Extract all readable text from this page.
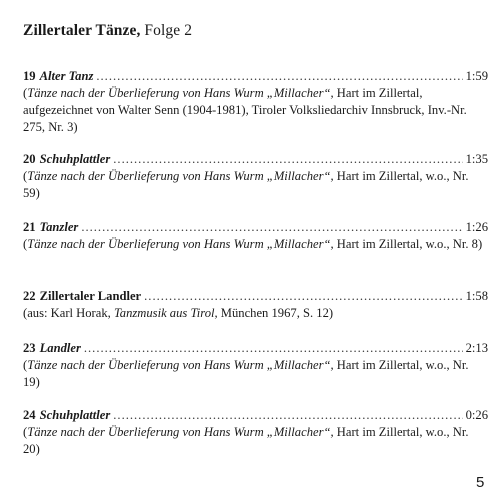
Zillertaler Tänze, Folge 2
19 Alter Tanz .....	1:59
(Tänze nach der Überlieferung von Hans Wurm „Millacher“, Hart im Zillertal, aufgezeichnet von Walter Senn (1904-1981), Tiroler Volksliedarchiv Innsbruck, Inv.-Nr. 275, Nr. 3)
20 Schuhplattler .....	1:35
(Tänze nach der Überlieferung von Hans Wurm „Millacher“, Hart im Zillertal, w.o., Nr. 59)
21 Tanzler .....	1:26
(Tänze nach der Überlieferung von Hans Wurm „Millacher“, Hart im Zillertal, w.o., Nr. 8)
22 Zillertaler Landler .....	1:58
(aus: Karl Horak, Tanzmusik aus Tirol, München 1967, S. 12)
23 Landler .....	2:13
(Tänze nach der Überlieferung von Hans Wurm „Millacher“, Hart im Zillertal, w.o., Nr. 19)
24 Schuhplattler .....	0:26
(Tänze nach der Überlieferung von Hans Wurm „Millacher“, Hart im Zillertal, w.o., Nr. 20)
5
